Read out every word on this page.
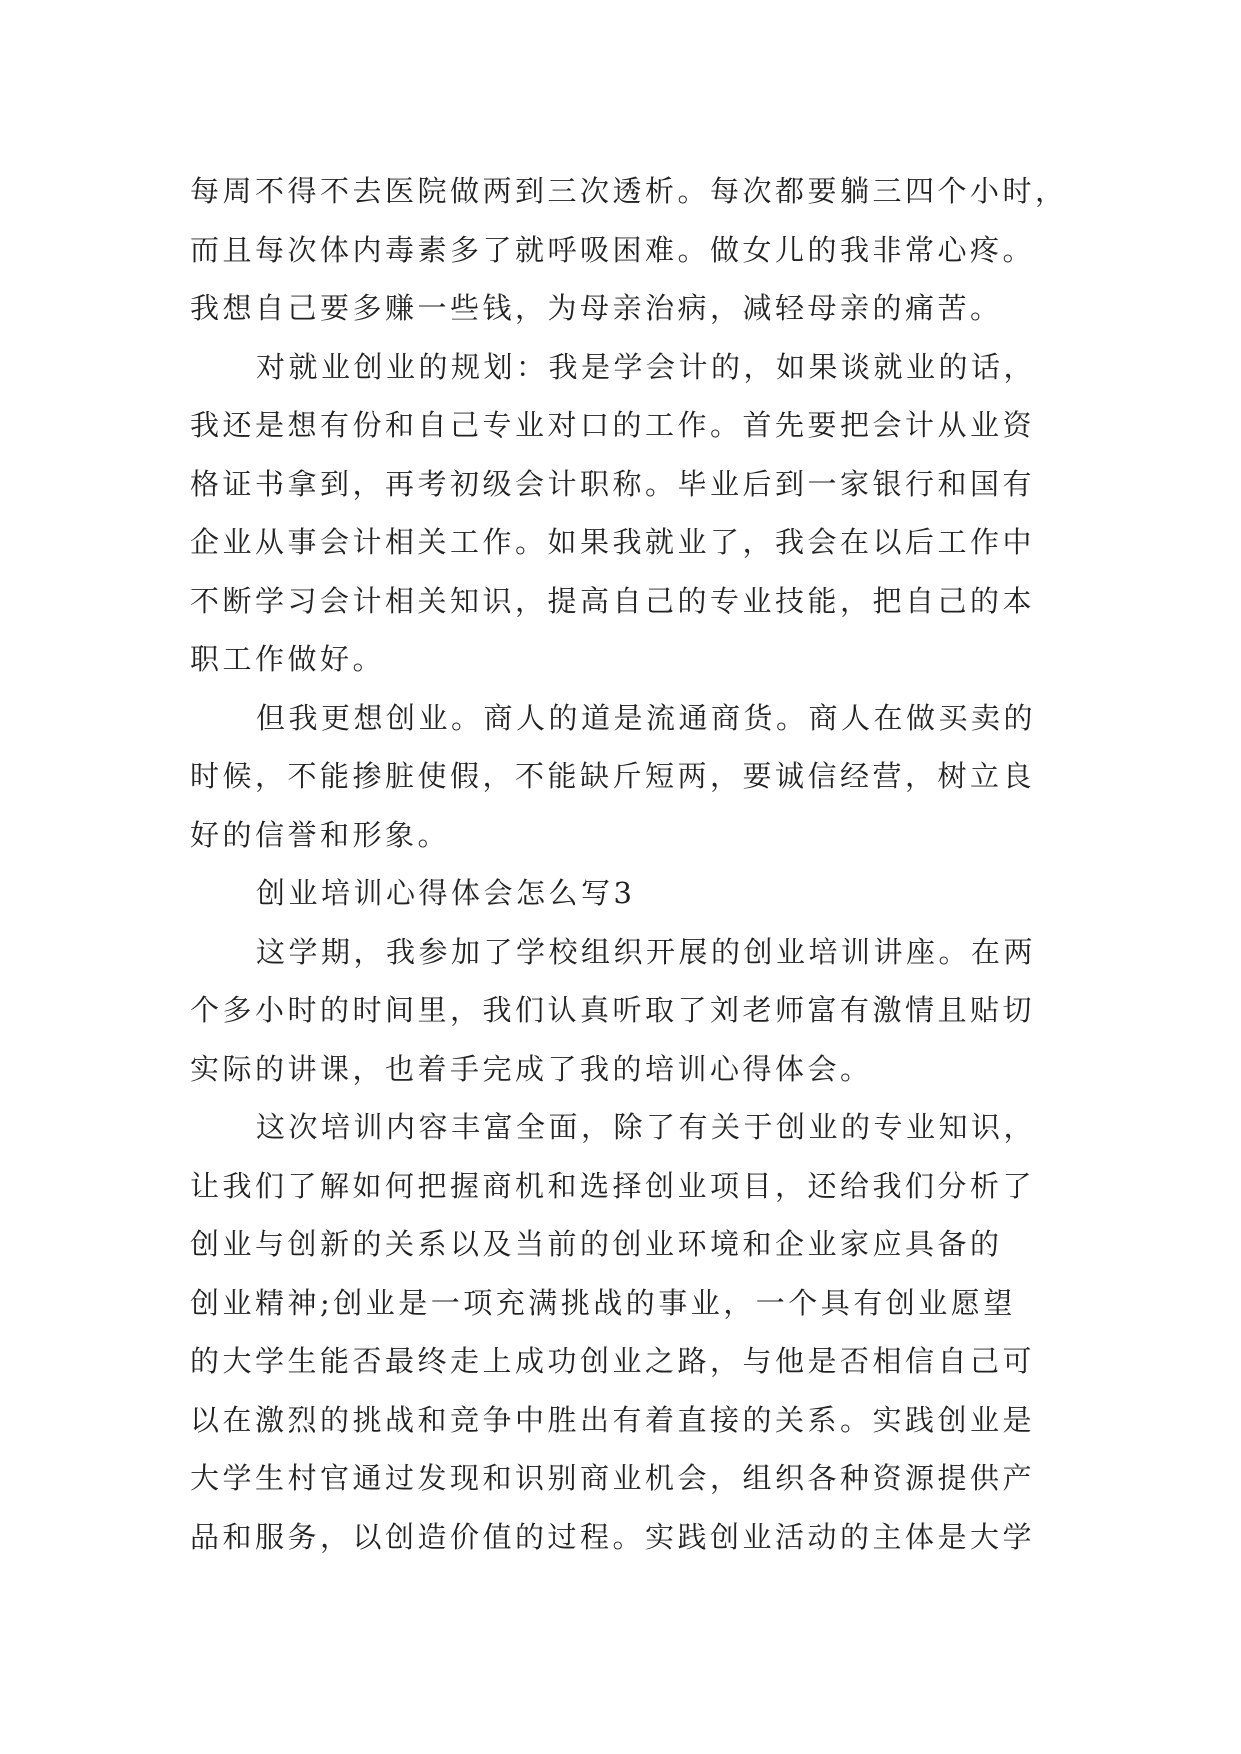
每周不得不去医院做两到三次透析。每次都要躺三四个小时，
而且每次体内毒素多了就呼吸困难。做女儿的我非常心疼。
我想自己要多赚一些钱，为母亲治病，减轻母亲的痛苦。
对就业创业的规划：我是学会计的，如果谈就业的话，
我还是想有份和自己专业对口的工作。首先要把会计从业资
格证书拿到，再考初级会计职称。毕业后到一家银行和国有
企业从事会计相关工作。如果我就业了，我会在以后工作中
不断学习会计相关知识，提高自己的专业技能，把自己的本
职工作做好。
但我更想创业。商人的道是流通商货。商人在做买卖的
时候，不能掺脏使假，不能缺斤短两，要诚信经营，树立良
好的信誉和形象。
创业培训心得体会怎么写3
这学期，我参加了学校组织开展的创业培训讲座。在两
个多小时的时间里，我们认真听取了刘老师富有激情且贴切
实际的讲课，也着手完成了我的培训心得体会。
这次培训内容丰富全面，除了有关于创业的专业知识，
让我们了解如何把握商机和选择创业项目，还给我们分析了
创业与创新的关系以及当前的创业环境和企业家应具备的
创业精神;创业是一项充满挑战的事业，一个具有创业愿望
的大学生能否最终走上成功创业之路，与他是否相信自己可
以在激烈的挑战和竞争中胜出有着直接的关系。实践创业是
大学生村官通过发现和识别商业机会，组织各种资源提供产
品和服务，以创造价值的过程。实践创业活动的主体是大学
